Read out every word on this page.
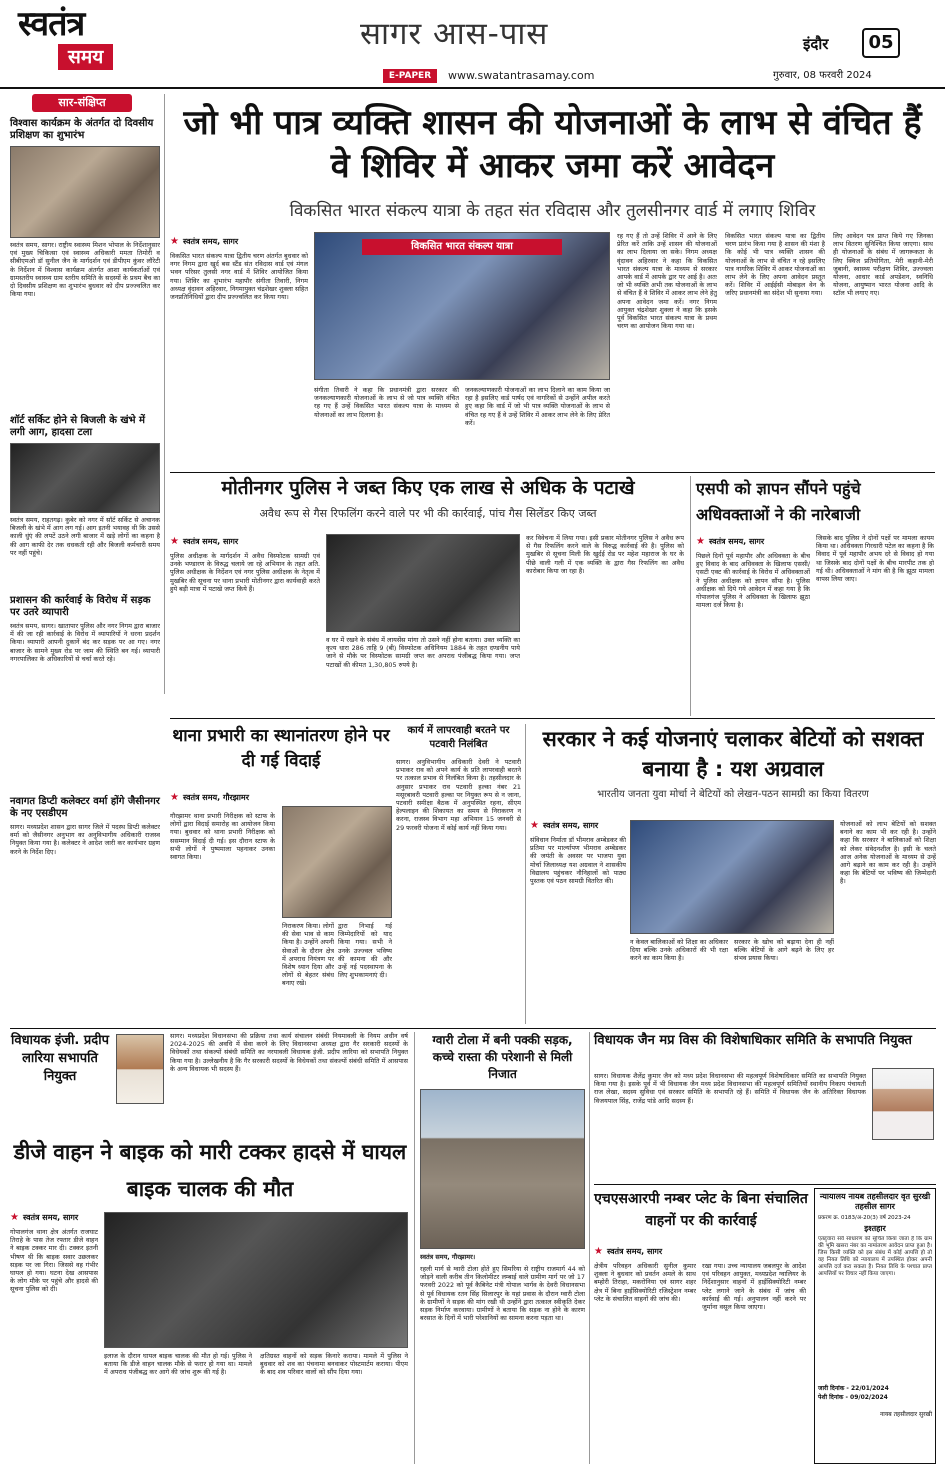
स्वतंत्र
समय
सागर आस-पास	इंदौर	05
E-PAPER	www.swatantrasamay.com	गुरुवार, 08 फरवरी 2024
सार-संक्षिप्त
विश्वास कार्यक्रम के अंतर्गत दो दिवसीय प्रशिक्षण का शुभारंभ
स्वतंत्र समय, सागर। राष्ट्रीय स्वास्थ्य मिशन भोपाल के निर्देशानुसार एवं मुख्य चिकित्सा एवं स्वास्थ्य अधिकारी ममता तिमोरी व सीबीएमओ डॉ सुनील जैन के मार्गदर्शन एवं डीपीएम कुंवर लौरेटी के निर्देशन में विश्वास कार्यक्रम अंतर्गत आशा कार्यकर्ताओं एवं ग्रामस्तरीय स्वास्थ्य ग्राम स्तरीय समिति के सदस्यों के प्रथम बैच का दो दिवसीय प्रशिक्षण का शुभारंभ बुधवार को दीप प्रज्ज्वलित कर किया गया।
शॉर्ट सर्किट होने से बिजली के खंभे में लगी आग, हादसा टला
स्वतंत्र समय, राहतगढ़। कुबेर को नगर में सॉर्ट सर्किट से अचानक बिजली के खंभे में आग लग गई। आग इतनी भयावह थी कि उससे काली धुंएं की लपटें उठने लगी बाजार में खड़े लोगों का कहना है की आग काफी देर तक धधकती रही और बिजली कर्मचारी समय पर नहीं पहुंचे।
प्रशासन की कार्रवाई के विरोध में सड़क पर उतरे व्यापारी
स्वतंत्र समय, सागर। खातापार पुलिस और नगर निगम द्वारा बाजार में की जा रही कार्रवाई के विरोध में व्यापारियों ने धरना प्रदर्शन किया। व्यापारी आपनी दुकानें बंद कर सड़क पर आ गए। नगर बाजार के सामने मुख्य रोड पर जाम की स्थिति बन गई। व्यापारी नगरपालिका के अधिकारियों से चर्चा करते रहे।
नवागत डिप्टी कलेक्टर वर्मा होंगे जैसीनगर के नए एसडीएम
सागर। मध्यप्रदेश शासन द्वारा सागर जिले में पदस्थ डिप्टी कलेक्टर वर्मा को जैसीनगर अनुभाग का अनुविभागीय अधिकारी राजस्व नियुक्त किया गया है। कलेक्टर ने आदेश जारी कर कार्यभार ग्रहण करने के निर्देश दिए।
जो भी पात्र व्यक्ति शासन की योजनाओं के लाभ से वंचित हैं वे शिविर में आकर जमा करें आवेदन
विकसित भारत संकल्प यात्रा के तहत संत रविदास और तुलसीनगर वार्ड में लगाए शिविर
★ स्वतंत्र समय, सागर
विकसित भारत संकल्प यात्रा द्वितीय चरण अंतर्गत बुधवार को नगर निगम द्वारा खुर्द बस स्टैंड संत रविदास वार्ड एवं मंगल भवन परिसर तुलसी नगर वार्ड में शिविर आयोजित किया गया। शिविर का शुभारंभ महापौर संगीता तिवारी, निगम अध्यक्ष वृंदावन अहिरवार, निगमायुक्त चंद्रशेखर शुक्ला सहित जनप्रतिनिधियों द्वारा दीप प्रज्ज्वलित कर किया गया।
विकसित भारत संकल्प यात्रा
संगीता तिवारी ने कहा कि प्रधानमंत्री द्वारा सरकार की जनकल्याणकारी योजनाओं के लाभ से जो पात्र व्यक्ति वंचित रह गए हैं उन्हें विकसित भारत संकल्प यात्रा के माध्यम से योजनाओं का लाभ दिलाना है।
जनकल्याणकारी योजनाओं का लाभ दिलाने का काम किया जा रहा है इसलिए वार्ड पार्षद एवं नागरिकों से उन्होंने अपील करते हुए कहा कि वार्ड में जो भी पात्र व्यक्ति योजनाओं के लाभ से वंचित रह गए हैं वे उन्हें शिविर में आकर लाभ लेने के लिए प्रेरित करें।
रह गए हैं तो उन्हें शिविर में आने के लिए प्रेरित करें ताकि उन्हें शासन की योजनाओं का लाभ दिलाया जा सके। निगम अध्यक्ष वृंदावन अहिरवार ने कहा कि विकसित भारत संकल्प यात्रा के माध्यम से सरकार आपके वार्ड में आपके द्वार पर आई है। अतः जो भी व्यक्ति अभी तक योजनाओं के लाभ से वंचित हैं वे शिविर में आकर लाभ लेने हेतु अपना आवेदन जमा करें। नगर निगम आयुक्त चंद्रशेखर शुक्ला ने कहा कि इसके पूर्व विकसित भारत संकल्प यात्रा के प्रथम चरण का आयोजन किया गया था।
विकसित भारत संकल्प यात्रा का द्वितीय चरण प्रारंभ किया गया है शासन की मंशा है कि कोई भी पात्र व्यक्ति शासन की योजनाओं के लाभ से वंचित न रहे इसलिए पात्र नागरिक शिविर में आकर योजनाओं का लाभ लेने के लिए अपना आवेदन प्रस्तुत करें। शिविर में आईईसी मोबाइल वेन के जरिए प्रधानमंत्री का संदेश भी सुनाया गया।
लिए आवेदन पत्र प्राप्त किये गए जिनका लाभ वितरण सुनिश्चित किया जाएगा। साथ ही योजनाओं के संबंध में जागरूकता के लिए क्विज प्रतियोगिता, मेरी कहानी-मेरी जुबानी, स्वास्थ्य परीक्षण शिविर, उज्ज्वला योजना, आधार कार्ड अपडेशन, स्वनिधि योजना, आयुष्मान भारत योजना आदि के स्टॉल भी लगाए गए।
मोतीनगर पुलिस ने जब्त किए एक लाख से अधिक के पटाखे
अवैध रूप से गैस रिफलिंग करने वाले पर भी की कार्रवाई, पांच गैस सिलेंडर किए जब्त
★ स्वतंत्र समय, सागर
पुलिस अधीक्षक के मार्गदर्शन में अवैध विस्फोटक सामग्री एवं उनके भण्डारण के विरुद्ध चलाये जा रहे अभियान के तहत अति. पुलिस अधीक्षक के निर्देशन एवं नगर पुलिस अधीक्षक के नेतृत्व में मुखबिर की सूचना पर थाना प्रभारी मोतीनगर द्वारा कार्यवाही करते हुये बड़ी मात्रा में पटाखे जप्त किये हैं।
व घर में रखने के संबंध में लायसेंस मांगा तो उसने नहीं होना बताया। उक्त व्यक्ति का कृत्य धारा 286 ताहि 9 (बी) विस्फोटक अधिनियम 1884 के तहत दण्डनीय पाये जाने से मौके पर विस्फोटक सामग्री जप्त कर अपराध पंजीबद्ध किया गया। जप्त पटाखों की कीमत 1,30,805 रुपये है।
कर विवेचना में लिया गया। इसी प्रकार मोतीनगर पुलिस ने अवैध रूप से गैस रिफलिंग करने वाले के विरुद्ध कार्रवाई की है। पुलिस को मुखबिर से सूचना मिली कि खुर्दई रोड पर महेश महाराज के घर के पीछे वाली गली में एक व्यक्ति के द्वारा गैस रिफलिंग का अवैध कारोबार किया जा रहा है।
एसपी को ज्ञापन सौंपने पहुंचे अधिवक्ताओं ने की नारेबाजी
★ स्वतंत्र समय, सागर
पिछले दिनों पूर्व महापौर और अधिवक्ता के बीच हुए विवाद के बाद अधिवक्ता के खिलाफ एससी/एसटी एक्ट की कार्रवाई के विरोध में अधिवक्ताओं ने पुलिस अधीक्षक को ज्ञापन सौंपा है। पुलिस अधीक्षक को दिये गये आवेदन में कहा गया है कि गोपालगंज पुलिस ने अधिवक्ता के खिलाफ झूठा मामला दर्ज किया है।
जिसके बाद पुलिस ने दोनों पक्षों पर मामला कायम किया था। अधिवक्ता गिरधारी पटेल का कहना है कि विवाद में पूर्व महापौर अभय दरे से विवाद हो गया था जिसके बाद दोनों पक्षों के बीच मारपीट तक हो गई थी। अधिवक्ताओं ने मांग की है कि झूठा मामला वापस लिया जाए।
थाना प्रभारी का स्थानांतरण होने पर दी गई विदाई
★ स्वतंत्र समय, गौरझामर
गौरझामर थाना प्रभारी निरीक्षक को स्टाफ के लोगों द्वारा विदाई समारोह का आयोजन किया गया। बुधवार को थाना प्रभारी निरीक्षक को ससम्मान विदाई दी गई। इस दौरान स्टाफ के सभी लोगों ने पुष्पमाला पहनाकर उनका स्वागत किया।
निराकरण किया। लोगों की सेवा भाव से काम किया है। उन्होंने अपनी सेवाओं के दौरान क्षेत्र में अपराध नियंत्रण पर विशेष ध्यान दिया और लोगों से बेहतर संबंध बनाए रखे।
द्वारा निभाई गई जिम्मेदारियों को याद किया गया। सभी ने उनके उज्ज्वल भविष्य की कामना की और उन्हें नई पदस्थापना के लिए शुभकामनाएं दी।
कार्य में लापरवाही बरतने पर पटवारी निलंबित
सागर। अनुविभागीय अधिकारी देवरी ने पटवारी प्रभाकर राव को अपने कार्य के प्रति लापरवाही बरतने पर तत्काल प्रभाव से निलंबित किया है। तहसीलदार के अनुसार प्रभाकर राव पटवारी हल्का नंबर 21 मसूरबावरी पटवारी हल्का पर नियुक्त रूप से न जाना, पटवारी समीक्षा बैठक में अनुपस्थित रहना, सीएम हेल्पलाइन की शिकायत का समय से निराकरण न करना, राजस्व विभाग महा अभियान 15 जनवरी से 29 फरवरी योजना में कोई कार्य नहीं किया गया।
सरकार ने कई योजनाएं चलाकर बेटियों को सशक्त बनाया है : यश अग्रवाल
भारतीय जनता युवा मोर्चा ने बेटियों को लेखन-पठन सामग्री का किया वितरण
★ स्वतंत्र समय, सागर
संविधान निर्माता डॉ भीमराव अम्बेडकर की प्रतिमा पर मार्ल्यापण भीमराव अम्बेडकर की जयंती के अवसर पर भाजपा युवा मोर्चा जिलाध्यक्ष यश अग्रवाल ने शासकीय विद्यालय पहुंचकर नौनिहालों को पाठ्य पुस्तक एवं पठन सामग्री वितरित की।
न केवल बालिकाओं को शिक्षा का अधिकार दिया बल्कि उनके अधिकारों की भी रक्षा करने का काम किया है।
सरकार के खोच को बढ़ाया देना ही नहीं बल्कि बेटियों के आगे बढ़ने के लिए हर संभव प्रयास किया।
योजनाओं को लाभ बेटियों को सशक्त बनाने का काम भी कर रही है। उन्होंने कहा कि सरकार ने बालिकाओं को शिक्षा को लेकर संवेदनशील है। इसी के चलते आज अनेक योजनाओं के माध्यम से उन्हें आगे बढ़ाने का काम कर रही है। उन्होंने कहा कि बेटियों पर भविष्य की जिम्मेदारी है।
विधायक इंजी. प्रदीप लारिया सभापति नियुक्त
सागर। मध्यप्रदेश विधानसभा की प्रक्रिया तथा कार्य संचालन संबंधी नियमावली के नियम अधीन वर्ष 2024-2025 की अवधि में सेवा करने के लिए विधानसभा अध्यक्ष द्वारा गैर सरकारी सदस्यों के विधेयकों तथा संकल्पों संबंधी समिति का नरयावली विधायक इंजी. प्रदीप लारिया को सभापति नियुक्त किया गया है। उल्लेखनीय है कि गैर सरकारी सदस्यों के विधेयकों तथा संकल्पों संबंधी समिति में आसपास के अन्य विधायक भी सदस्य हैं।
डीजे वाहन ने बाइक को मारी टक्कर हादसे में घायल बाइक चालक की मौत
★ स्वतंत्र समय, सागर
गोपालगंज थाना क्षेत्र अंतर्गत राजघाट तिराहे के पास तेज रफ्तार डीजे वाहन ने बाइक टक्कर मार दी। टक्कर इतनी भीषण थी कि बाइक सवार उछलकर सड़क पर जा गिरा। जिससे वह गंभीर घायल हो गया। घटना देख आसपास के लोग मौके पर पहुंचे और हादसे की सूचना पुलिस को दी।
इलाज के दौरान घायल बाइक चालक की मौत हो गई। पुलिस ने बताया कि डीजे वाहन चालक मौके से फरार हो गया था। मामले में अपराध पंजीबद्ध कर आगे की जांच शुरू की गई है।
क्षतिग्रस्त वाहनों को सड़क किनारे कराया। मामले में पुलिस ने बुधवार को शव का पंचनामा बनवाकर पोस्टमार्टम कराया। पीएम के बाद शव परिवार वालों को सौंप दिया गया।
ग्वारी टोला में बनी पक्की सड़क, कच्चे रास्ता की परेशानी से मिली निजात
स्वतंत्र समय, गौरझामर।
रहली मार्ग से ग्वारी टोला होते हुए सिमरिया से राष्ट्रीय राजमार्ग 44 को जोड़ने वाली करीब तीन किलोमीटर लम्बाई वाले ग्रामीण मार्ग पर जो 17 फरवरी 2022 को पूर्व कैबिनेट मंत्री गोपाल भार्गव के देवरी विधानसभा से पूर्व विधायक रतन सिंह सिलारपुर के यहां प्रवास के दौरान ग्वारी टोला के ग्रामीणों ने सड़क की मांग रखी थी उन्होंने द्वारा तत्काल स्वीकृति देकर सड़क निर्माण करवाया। ग्रामीणों ने बताया कि सड़क ना होने के कारण बरसात के दिनों में भारी परेशानियों का सामना करना पड़ता था।
विधायक जैन मप्र विस की विशेषाधिकार समिति के सभापति नियुक्त
सागर। विधायक शैलेंद्र कुमार जैन को मध्य प्रदेश विधानसभा की महत्वपूर्ण विशेषाधिकार समिति का सभापति नियुक्त किया गया है। इसके पूर्व में भी विधायक जैन मध्य प्रदेश विधानसभा की महत्वपूर्ण समितियों स्थानीय निकाय पंचायती राज लेखा, सदस्य सुविधा एवं सरकार समिति के सभापति रहे हैं। समिति में विधायक जैन के अतिरिक्त विधायक विजयपाल सिंह, राजेंद्र पांडे आदि सदस्य हैं।
एचएसआरपी नम्बर प्लेट के बिना संचालित वाहनों पर की कार्रवाई
★ स्वतंत्र समय, सागर
क्षेत्रीय परिवहन अधिकारी सुनील कुमार शुक्ला ने बुधवार को प्रवर्तन अमले के साथ बम्होरी तिराहा, मकरोनिया एवं सागर शहर क्षेत्र में बिना हाईसिक्योरिटी रजिस्ट्रेशन नम्बर प्लेट के संचालित वाहनों की जांच की।
रखा गया। उच्च न्यायालय जबलपुर के आदेश एवं परिवहन आयुक्त, मध्यप्रदेश ग्वालियर के निर्देशानुसार वाहनों में हाईसिक्योरिटी नम्बर प्लेट लगाने जाने के संबंध में जांच की कार्रवाई की गई। अनुपालन नहीं करने पर जुर्माना वसूल किया जाएगा।
न्यायालय नायब तहसीलदार वृत सुरखी तहसील सागर
प्रकरण क्र. 0183/अ-20(3) वर्ष 2023-24
इश्तहार
एतद्द्वारा सर्व साधारण को सूचित किया जाता है कि ग्राम की भूमि खसरा नंबर का नामांतरण आवेदन प्राप्त हुआ है। जिस किसी व्यक्ति को इस संबंध में कोई आपत्ति हो तो वह नियत तिथि को न्यायालय में उपस्थित होकर अपनी आपत्ति दर्ज करा सकता है। नियत तिथि के पश्चात प्राप्त आपत्तियों पर विचार नहीं किया जाएगा।
जारी दिनांक - 22/01/2024
पेशी दिनांक - 09/02/2024
नायब तहसीलदार सुरखी
